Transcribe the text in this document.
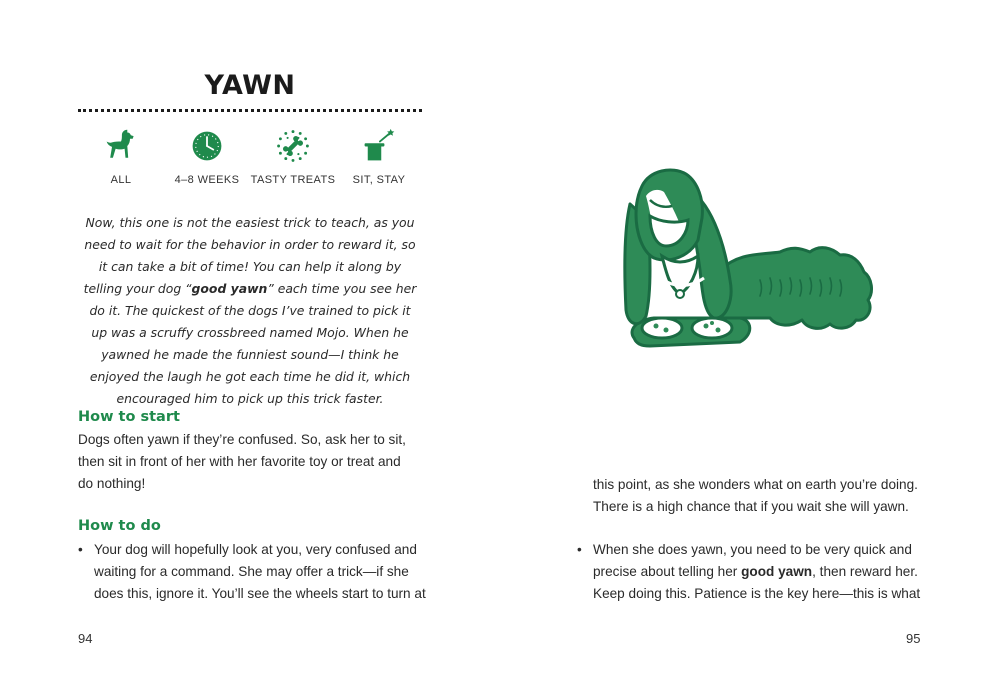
YAWN
ALL	4–8 WEEKS TASTY TREATS SIT, STAY
Now, this one is not the easiest trick to teach, as you need to wait for the behavior in order to reward it, so it can take a bit of time! You can help it along by telling your dog “good yawn” each time you see her do it. The quickest of the dogs I’ve trained to pick it up was a scruffy crossbreed named Mojo. When he yawned he made the funniest sound—I think he enjoyed the laugh he got each time he did it, which encouraged him to pick up this trick faster.
How to start
Dogs often yawn if they’re confused. So, ask her to sit,
then sit in front of her with her favorite toy or treat and
do nothing!
How to do
• Your dog will hopefully look at you, very confused and
waiting for a command. She may offer a trick—if she
does this, ignore it. You’ll see the wheels start to turn at
94
this point, as she wonders what on earth you’re doing.
There is a high chance that if you wait she will yawn.
• When she does yawn, you need to be very quick and
precise about telling her good yawn, then reward her.
Keep doing this. Patience is the key here—this is what
95
